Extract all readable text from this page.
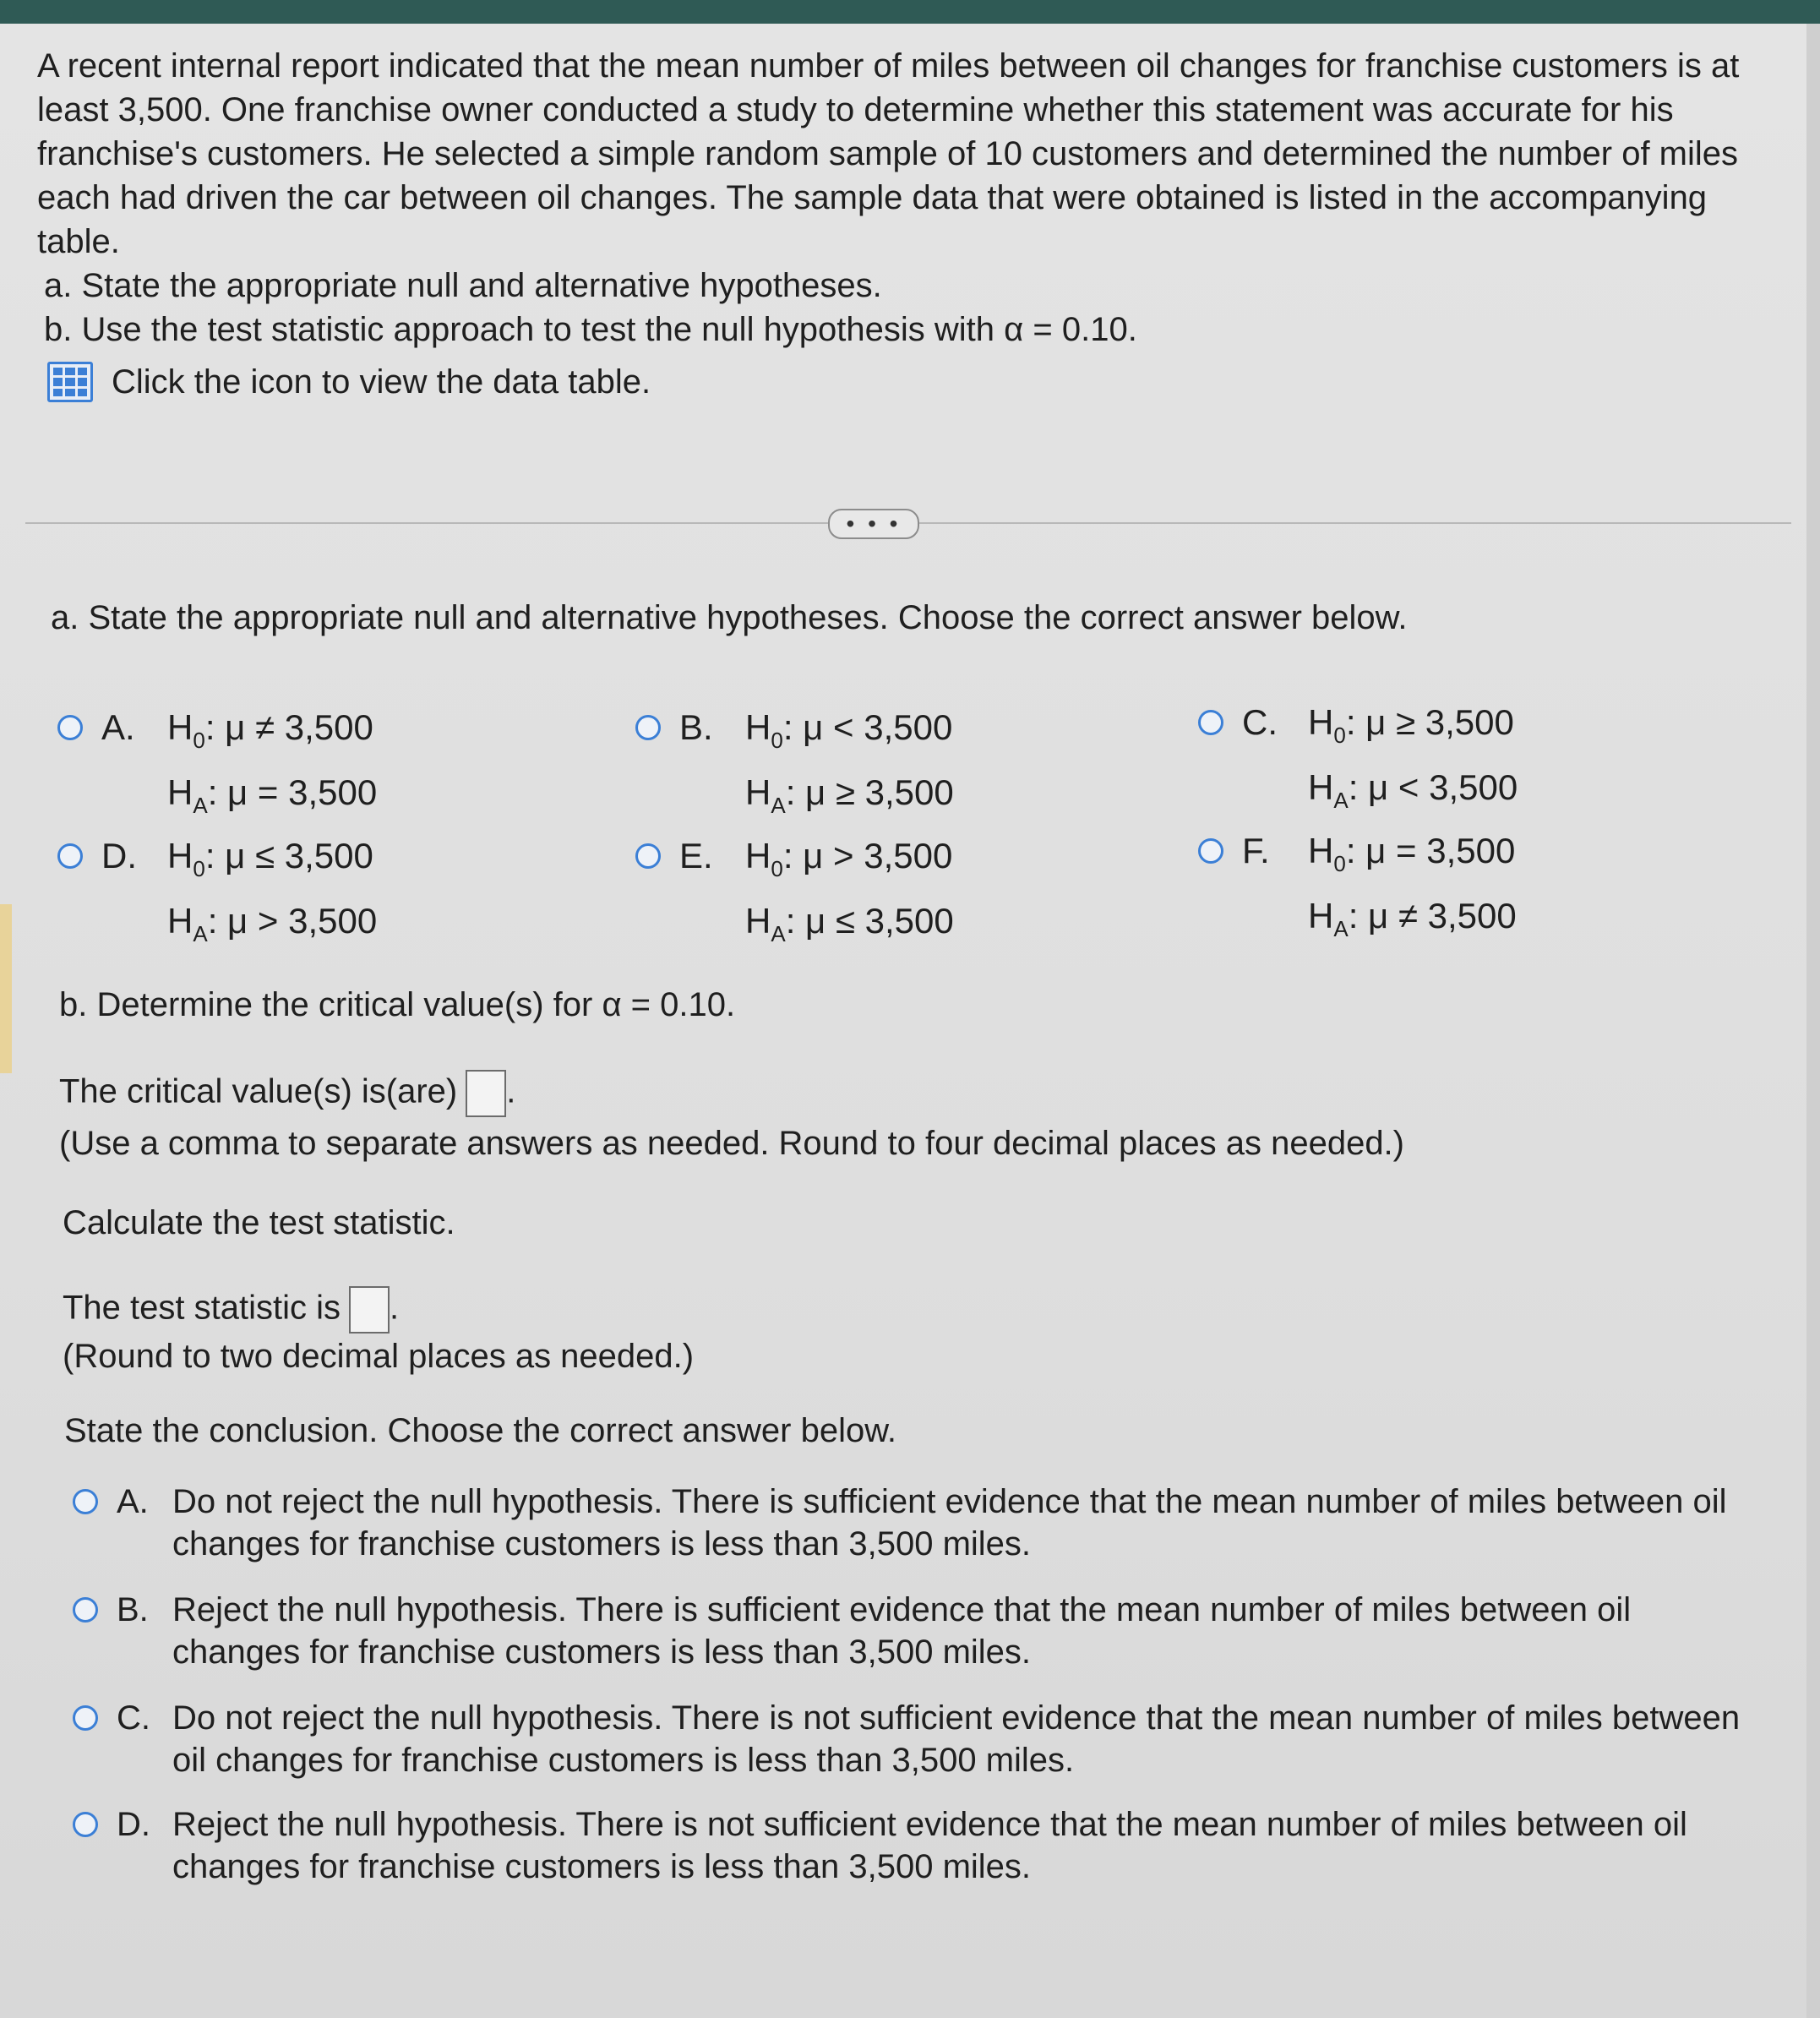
A recent internal report indicated that the mean number of miles between oil changes for franchise customers is at least 3,500. One franchise owner conducted a study to determine whether this statement was accurate for his franchise's customers. He selected a simple random sample of 10 customers and determined the number of miles each had driven the car between oil changes. The sample data that were obtained is listed in the accompanying table.

a. State the appropriate null and alternative hypotheses.

b. Use the test statistic approach to test the null hypothesis with α = 0.10.

Click the icon to view the data table.
• • •
a. State the appropriate null and alternative hypotheses. Choose the correct answer below.
A. $H_0$: μ ≠ 3,500
$H_A$: μ = 3,500
B. $H_0$: μ < 3,500
$H_A$: μ ≥ 3,500
C. $H_0$: μ ≥ 3,500
$H_A$: μ < 3,500
D. $H_0$: μ ≤ 3,500
$H_A$: μ > 3,500
E. $H_0$: μ > 3,500
$H_A$: μ ≤ 3,500
F.	$H_0$: μ = 3,500
$H_A$: μ ≠ 3,500
b. Determine the critical value(s) for α = 0.10.
The critical value(s) is(are) .
(Use a comma to separate answers as needed. Round to four decimal places as needed.)
Calculate the test statistic.
The test statistic is .
(Round to two decimal places as needed.)
State the conclusion. Choose the correct answer below.
A. Do not reject the null hypothesis. There is sufficient evidence that the mean number of miles between oil changes for franchise customers is less than 3,500 miles.
B. Reject the null hypothesis. There is sufficient evidence that the mean number of miles between oil changes for franchise customers is less than 3,500 miles.
C. Do not reject the null hypothesis. There is not sufficient evidence that the mean number of miles between oil changes for franchise customers is less than 3,500 miles.
D. Reject the null hypothesis. There is not sufficient evidence that the mean number of miles between oil changes for franchise customers is less than 3,500 miles.
